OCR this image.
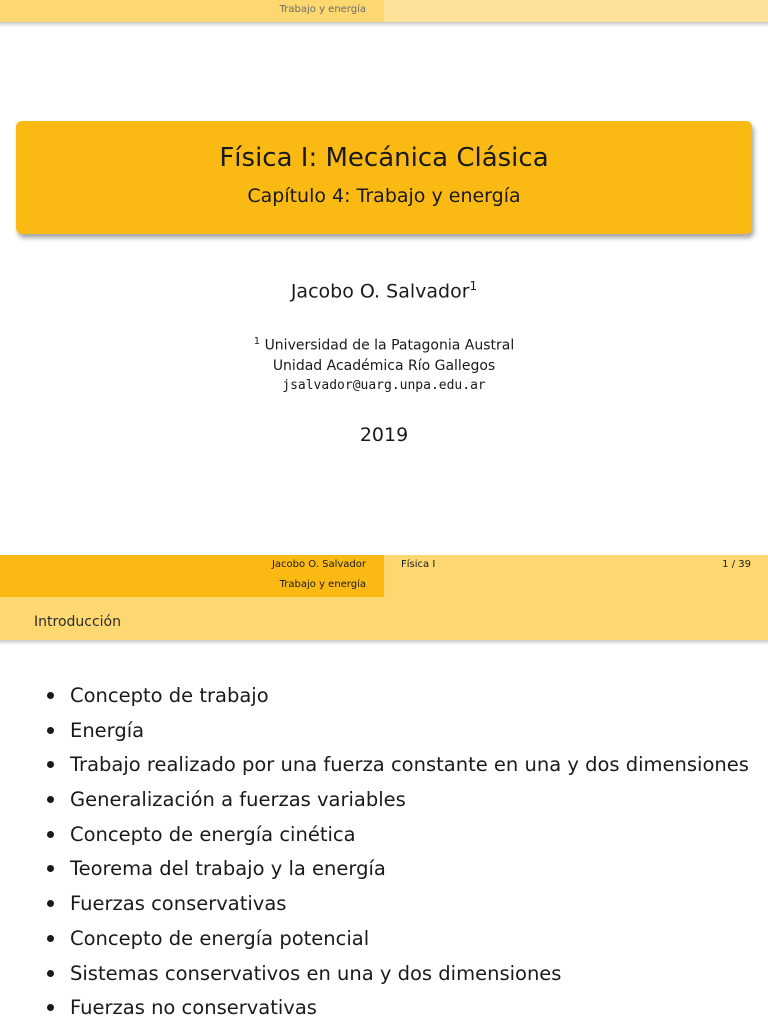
Trabajo y energía
Física I: Mecánica Clásica
Capítulo 4: Trabajo y energía
Jacobo O. Salvador$^1$
$^1$ Universidad de la Patagonia Austral
Unidad Académica Río Gallegos
jsalvador@uarg.unpa.edu.ar
2019
Jacobo O. Salvador
Trabajo y energía
Física I	1 / 39
Introducción
Concepto de trabajo
Energía
Trabajo realizado por una fuerza constante en una y dos dimensiones
Generalización a fuerzas variables
Concepto de energía cinética
Teorema del trabajo y la energía
Fuerzas conservativas
Concepto de energía potencial
Sistemas conservativos en una y dos dimensiones
Fuerzas no conservativas
